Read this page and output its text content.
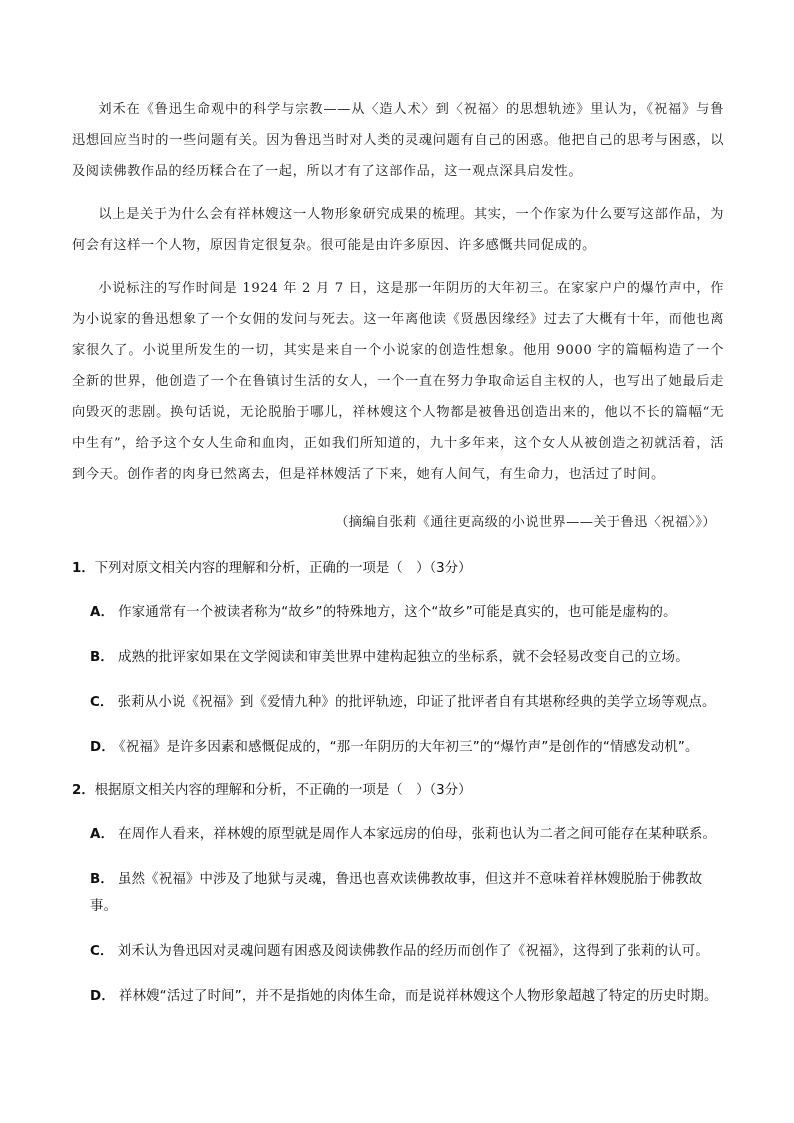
刘禾在《鲁迅生命观中的科学与宗教——从〈造人术〉到〈祝福〉的思想轨迹》里认为，《祝福》与鲁迅想回应当时的一些问题有关。因为鲁迅当时对人类的灵魂问题有自己的困惑。他把自己的思考与困惑，以及阅读佛教作品的经历糅合在了一起，所以才有了这部作品，这一观点深具启发性。

以上是关于为什么会有祥林嫂这一人物形象研究成果的梳理。其实，一个作家为什么要写这部作品，为何会有这样一个人物，原因肯定很复杂。很可能是由许多原因、许多感慨共同促成的。

小说标注的写作时间是 1924 年 2 月 7 日，这是那一年阴历的大年初三。在家家户户的爆竹声中，作为小说家的鲁迅想象了一个女佣的发问与死去。这一年离他读《贤愚因缘经》过去了大概有十年，而他也离家很久了。小说里所发生的一切，其实是来自一个小说家的创造性想象。他用 9000 字的篇幅构造了一个全新的世界，他创造了一个在鲁镇讨生活的女人，一个一直在努力争取命运自主权的人，也写出了她最后走向毁灭的悲剧。换句话说，无论脱胎于哪儿，祥林嫂这个人物都是被鲁迅创造出来的，他以不长的篇幅“无中生有”，给予这个女人生命和血肉，正如我们所知道的，九十多年来，这个女人从被创造之初就活着，活到今天。创作者的肉身已然离去，但是祥林嫂活了下来，她有人间气，有生命力，也活过了时间。

（摘编自张莉《通往更高级的小说世界——关于鲁迅〈祝福〉》）
1．下列对原文相关内容的理解和分析，正确的一项是（　）（3分）
A． 作家通常有一个被读者称为“故乡”的特殊地方，这个“故乡”可能是真实的，也可能是虚构的。
B． 成熟的批评家如果在文学阅读和审美世界中建构起独立的坐标系，就不会轻易改变自己的立场。
C． 张莉从小说《祝福》到《爱情九种》的批评轨迹，印证了批评者自有其堪称经典的美学立场等观点。
D． 《祝福》是许多因素和感慨促成的，“那一年阴历的大年初三”的“爆竹声”是创作的“情感发动机”。
2．根据原文相关内容的理解和分析，不正确的一项是（　）（3分）
A． 在周作人看来，祥林嫂的原型就是周作人本家远房的伯母，张莉也认为二者之间可能存在某种联系。
B． 虽然《祝福》中涉及了地狱与灵魂，鲁迅也喜欢读佛教故事，但这并不意味着祥林嫂脱胎于佛教故事。
C． 刘禾认为鲁迅因对灵魂问题有困惑及阅读佛教作品的经历而创作了《祝福》，这得到了张莉的认可。
D． 祥林嫂“活过了时间”，并不是指她的肉体生命，而是说祥林嫂这个人物形象超越了特定的历史时期。
